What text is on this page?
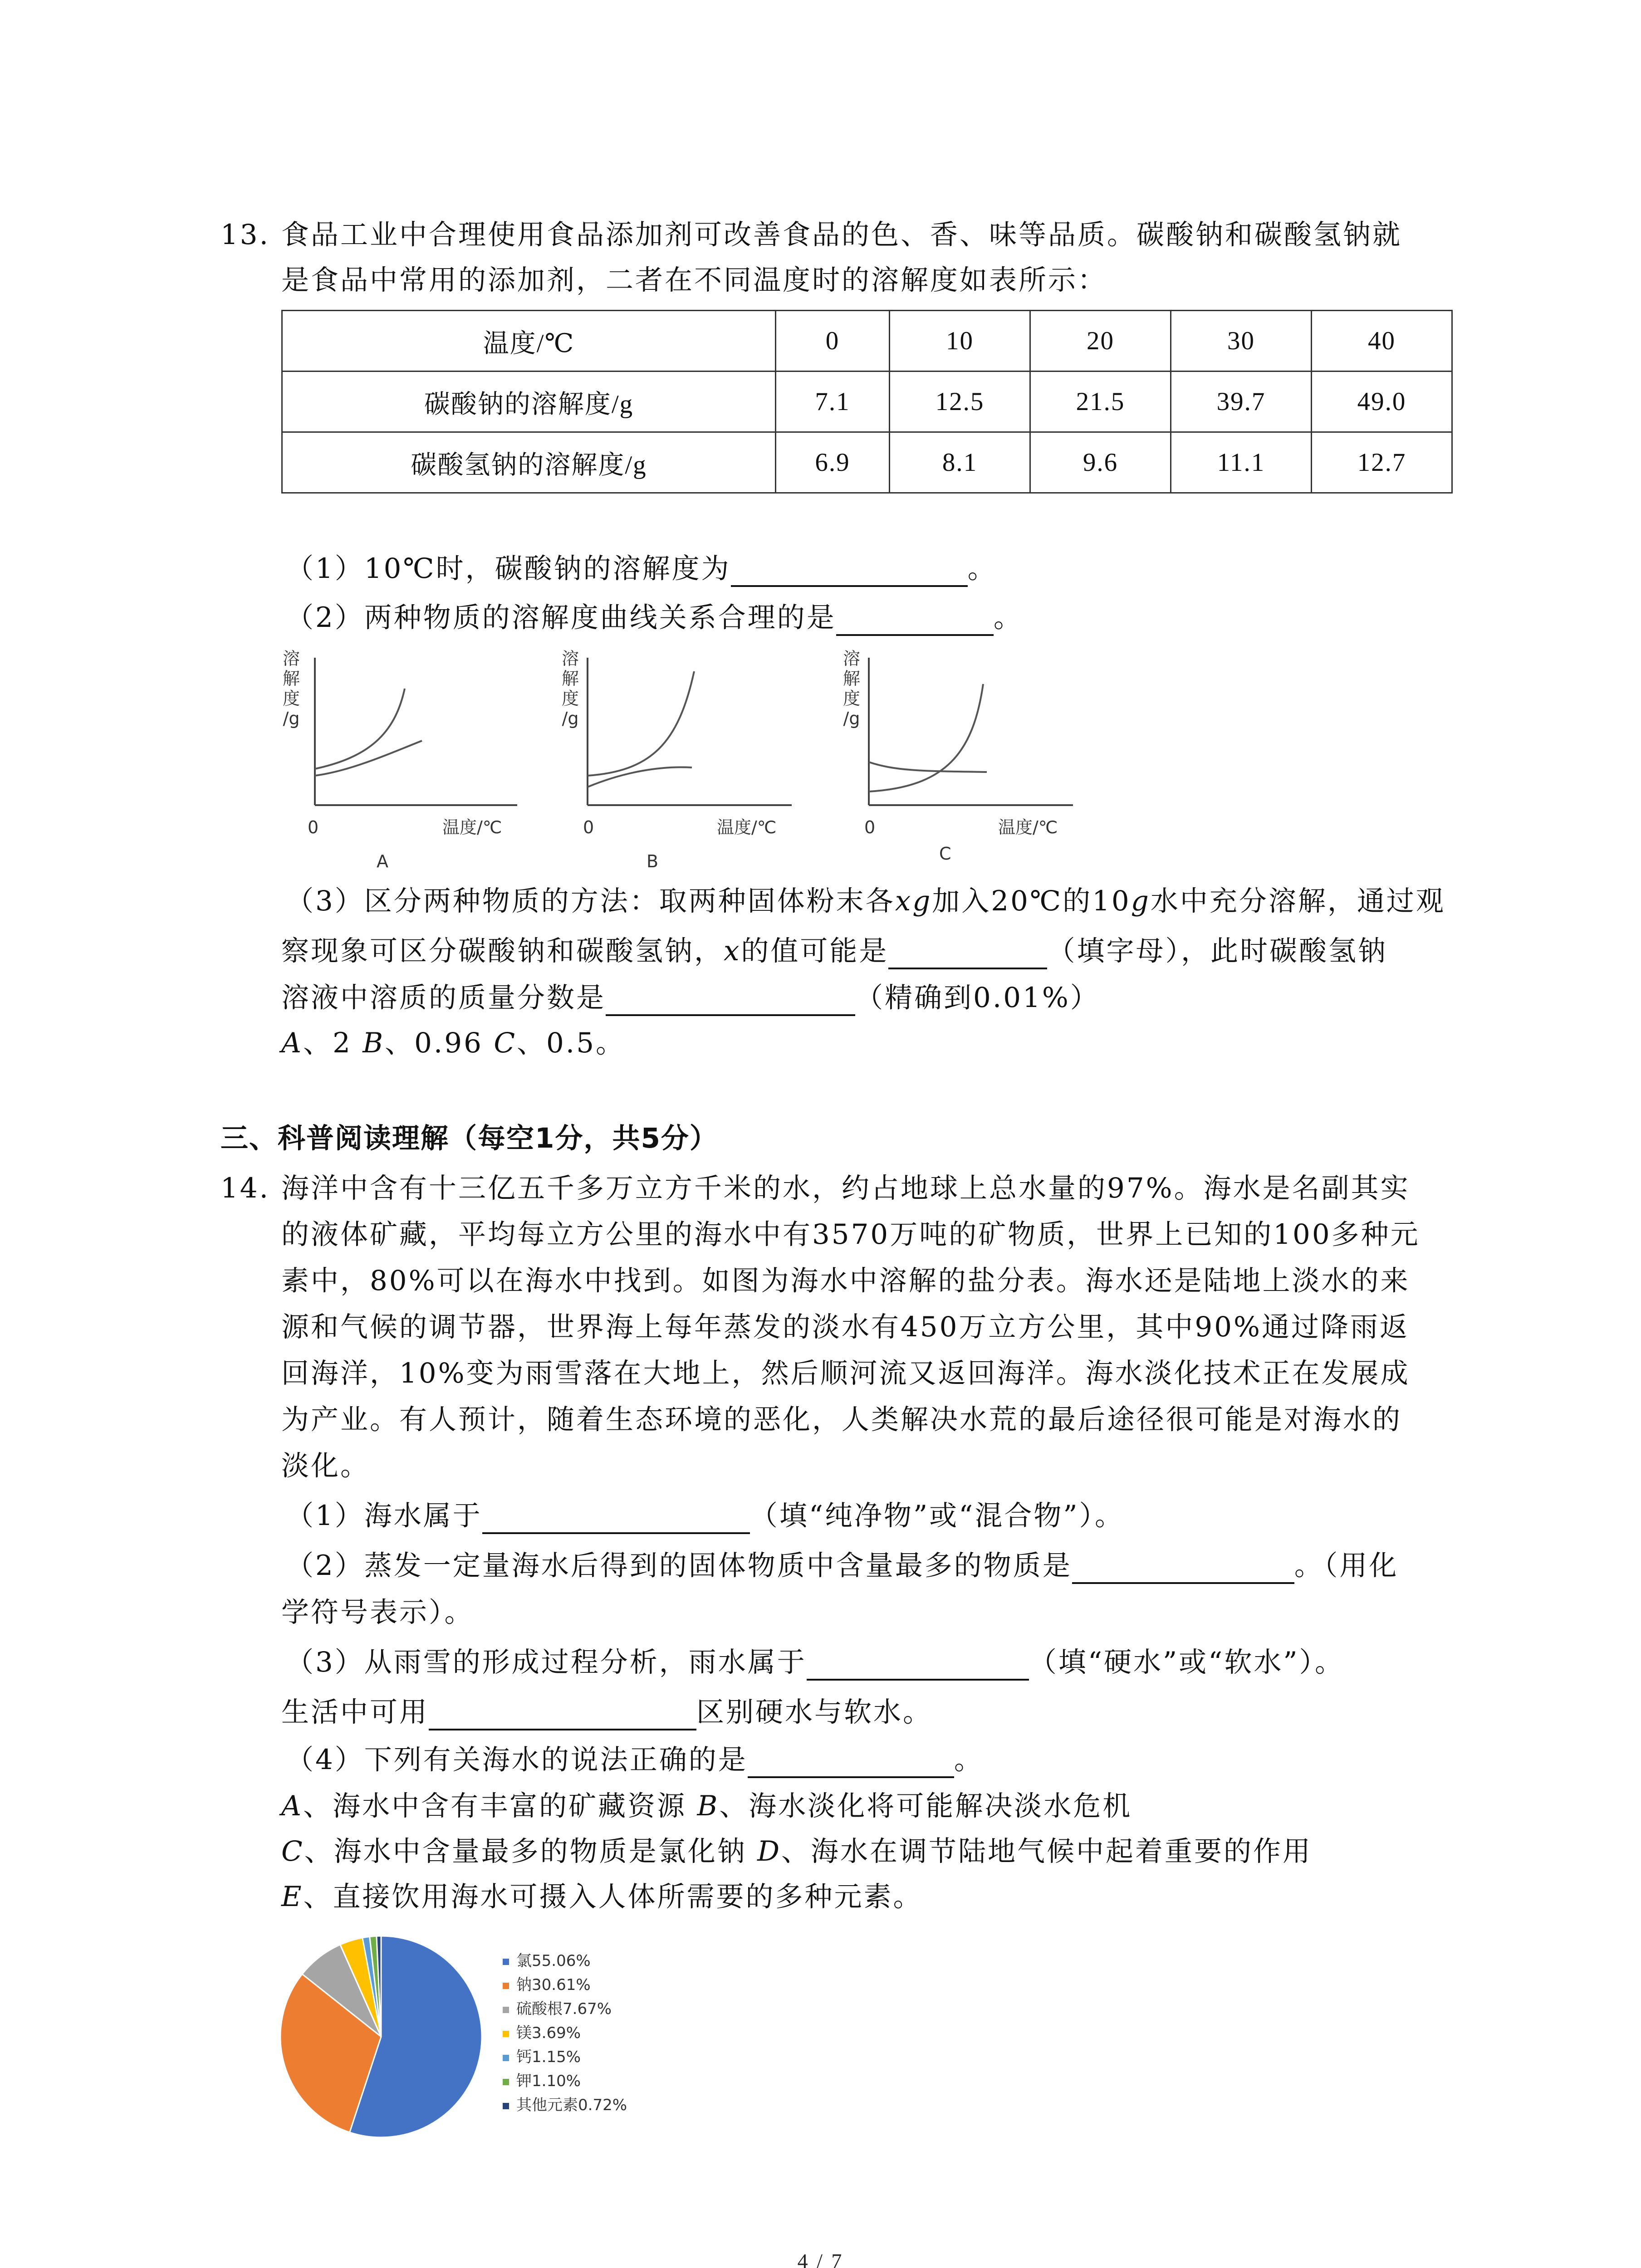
13. 食品工业中合理使用食品添加剂可改善食品的色、香、味等品质。碳酸钠和碳酸氢钠就
是食品中常用的添加剂，二者在不同温度时的溶解度如表所示：
温度/℃	0	10	20	30	40
碳酸钠的溶解度/g	7.1	12.5	21.5	39.7	49.0
碳酸氢钠的溶解度/g	6.9	8.1	9.6	11.1	12.7
（1）10℃时，碳酸钠的溶解度为	。
（2）两种物质的溶解度曲线关系合理的是	。
溶
解
度
/g
0	温度/℃
A
溶
解
度
/g
0	温度/℃
B
溶
解
度
/g
0	温度/℃
C
（3）区分两种物质的方法：取两种固体粉末各xg加入20℃的10g水中充分溶解，通过观
察现象可区分碳酸钠和碳酸氢钠，x的值可能是	（填字母），此时碳酸氢钠
溶液中溶质的质量分数是	（精确到0.01%）
A、2 B、0.96 C、0.5。
三、科普阅读理解（每空1分，共5分）
14. 海洋中含有十三亿五千多万立方千米的水，约占地球上总水量的97%。海水是名副其实
的液体矿藏，平均每立方公里的海水中有3570万吨的矿物质，世界上已知的100多种元
素中，80%可以在海水中找到。如图为海水中溶解的盐分表。海水还是陆地上淡水的来
源和气候的调节器，世界海上每年蒸发的淡水有450万立方公里，其中90%通过降雨返
回海洋，10%变为雨雪落在大地上，然后顺河流又返回海洋。海水淡化技术正在发展成
为产业。有人预计，随着生态环境的恶化，人类解决水荒的最后途径很可能是对海水的
淡化。
（1）海水属于	（填“纯净物”或“混合物”）。
（2）蒸发一定量海水后得到的固体物质中含量最多的物质是	。（用化
学符号表示）。
（3）从雨雪的形成过程分析，雨水属于	（填“硬水”或“软水”）。
生活中可用	区别硬水与软水。
（4）下列有关海水的说法正确的是	。
A、海水中含有丰富的矿藏资源 B、海水淡化将可能解决淡水危机
C、海水中含量最多的物质是氯化钠 D、海水在调节陆地气候中起着重要的作用
E、直接饮用海水可摄入人体所需要的多种元素。
氯55.06%
钠30.61%
硫酸根7.67%
镁3.69%
钙1.15%
钾1.10%
其他元素0.72%
4 / 7
